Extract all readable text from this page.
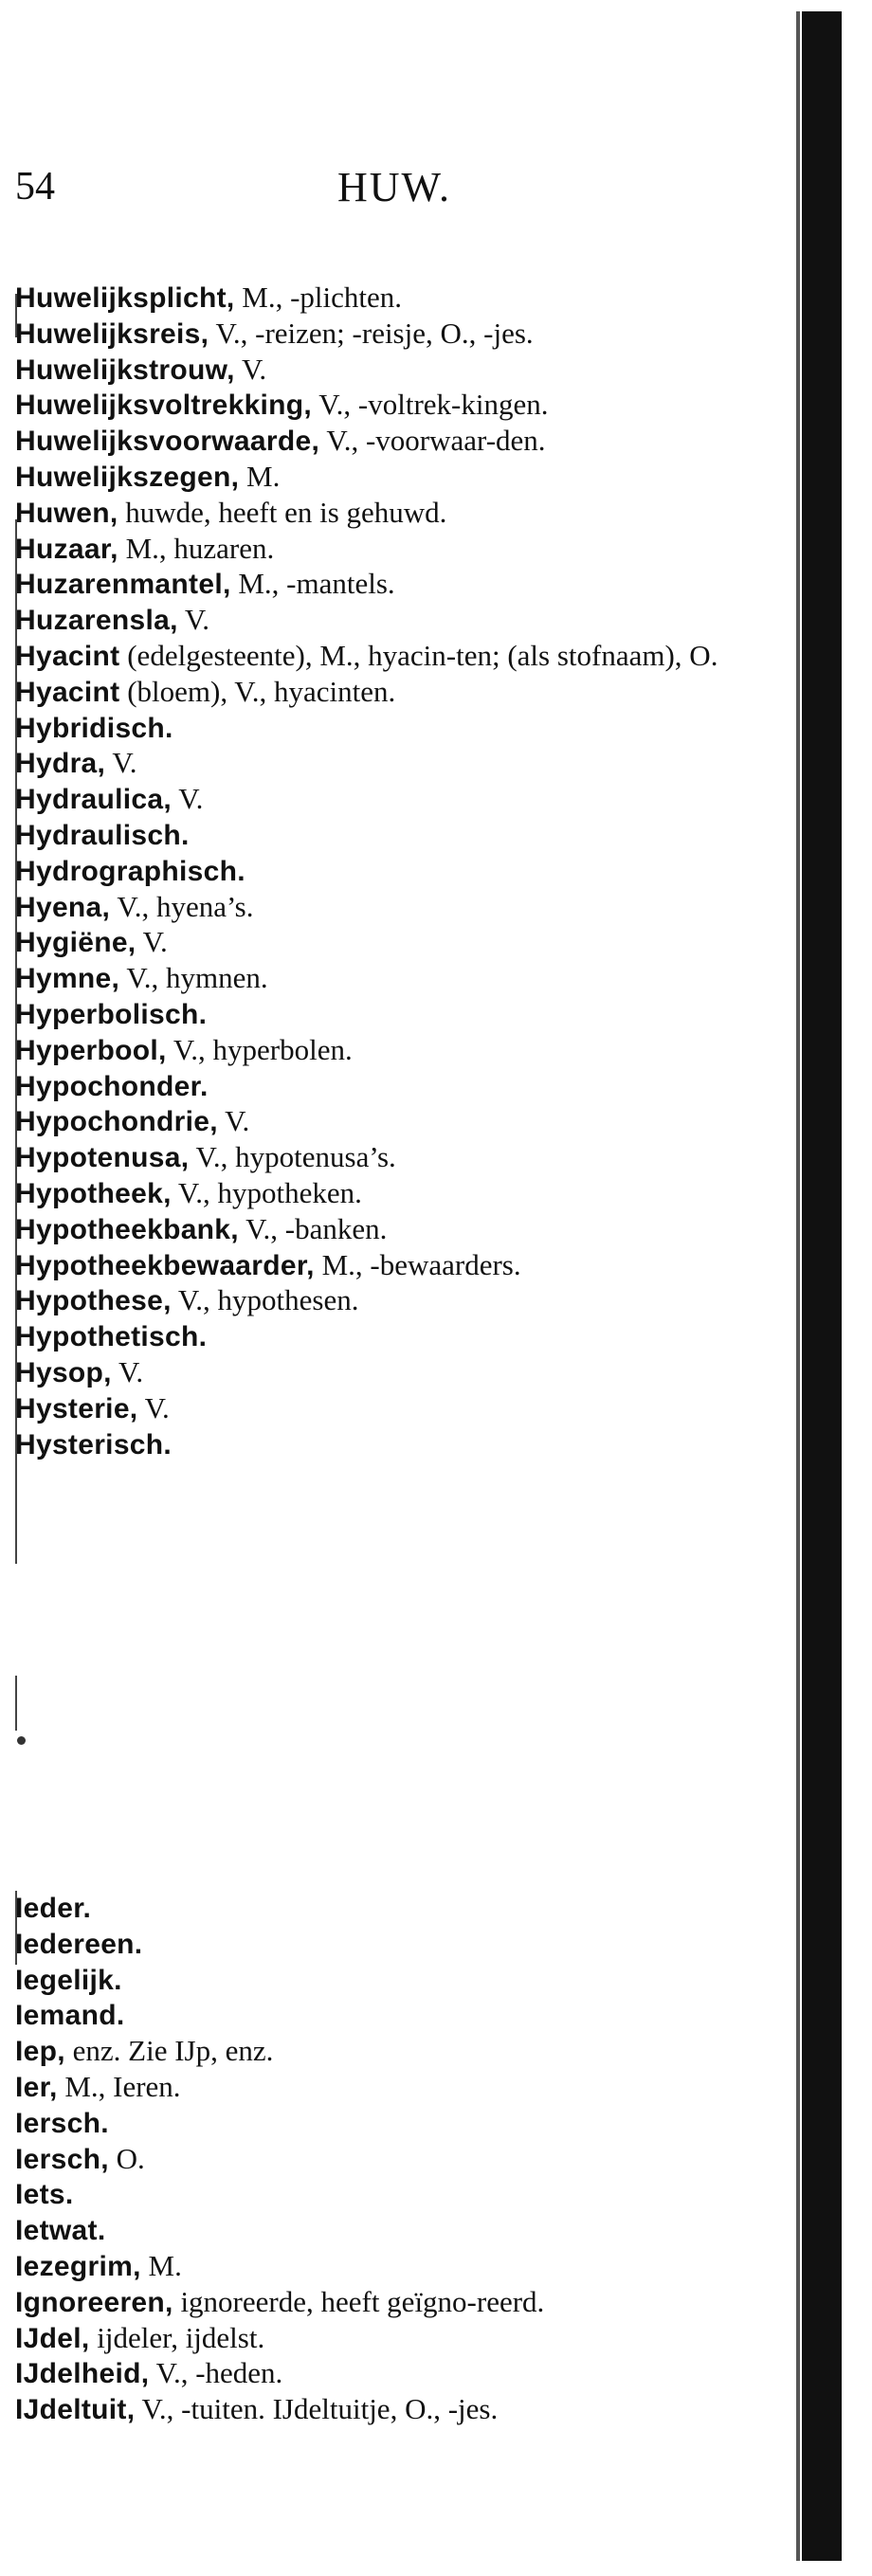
54	HUW.
Huwelijksplicht, M., -plichten.
Huwelijksreis, V., -reizen; -reisje, O., -jes.
Huwelijkstrouw, V.
Huwelijksvoltrekking, V., -voltrek-kingen.
Huwelijksvoorwaarde, V., -voorwaar-den.
Huwelijkszegen, M.
Huwen, huwde, heeft en is gehuwd.
Huzaar, M., huzaren.
Huzarenmantel, M., -mantels.
Huzarensla, V.
Hyacint (edelgesteente), M., hyacin-ten; (als stofnaam), O.
Hyacint (bloem), V., hyacinten.
Hybridisch.
Hydra, V.
Hydraulica, V.
Hydraulisch.
Hydrographisch.
Hyena, V., hyena’s.
Hygiëne, V.
Hymne, V., hymnen.
Hyperbolisch.
Hyperbool, V., hyperbolen.
Hypochonder.
Hypochondrie, V.
Hypotenusa, V., hypotenusa’s.
Hypotheek, V., hypotheken.
Hypotheekbank, V., -banken.
Hypotheekbewaarder, M., -bewaarders.
Hypothese, V., hypothesen.
Hypothetisch.
Hysop, V.
Hysterie, V.
Hysterisch.
Ieder.
Iedereen.
Iegelijk.
Iemand.
Iep, enz. Zie IJp, enz.
Ier, M., Ieren.
Iersch.
Iersch, O.
Iets.
Ietwat.
Iezegrim, M.
Ignoreeren, ignoreerde, heeft geïgno-reerd.
IJdel, ijdeler, ijdelst.
IJdelheid, V., -heden.
IJdeltuit, V., -tuiten. IJdeltuitje, O., -jes.
